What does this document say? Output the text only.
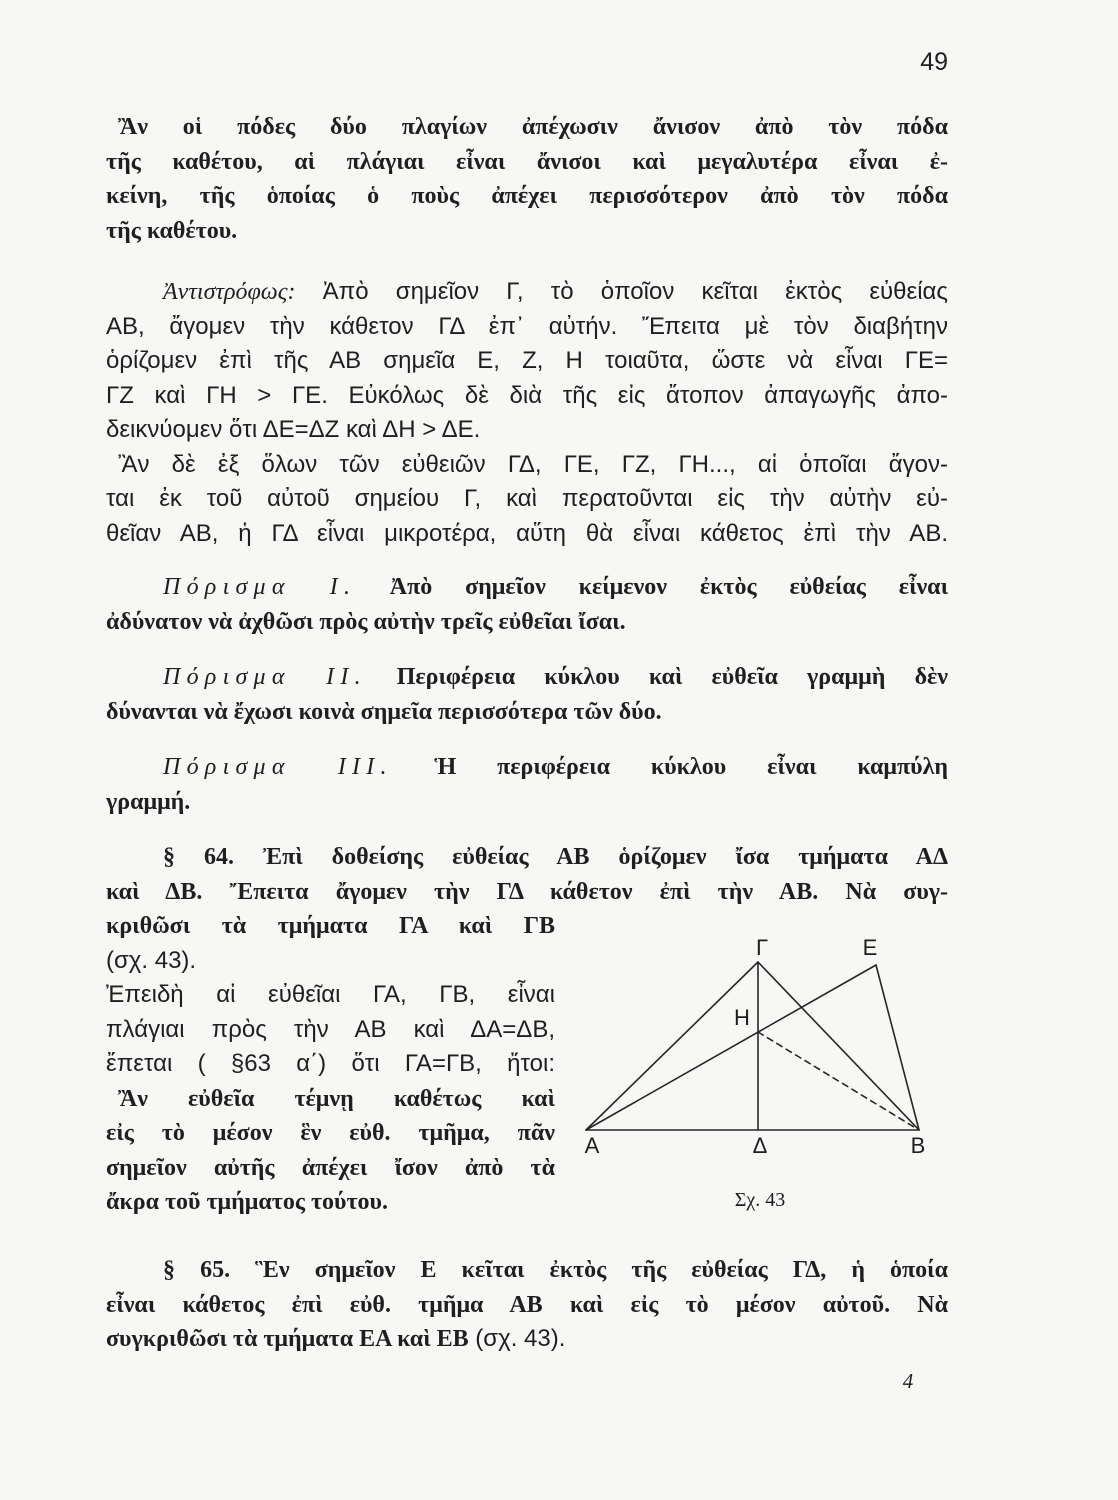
49
Ἂν οἱ πόδες δύο πλαγίων ἀπέχωσιν ἄνισον ἀπὸ τὸν πόδα
τῆς καθέτου, αἱ πλάγιαι εἶναι ἄνισοι καὶ μεγαλυτέρα εἶναι ἐ-
κείνη, τῆς ὁποίας ὁ ποὺς ἀπέχει περισσότερον ἀπὸ τὸν πόδα
τῆς καθέτου.
Ἀντιστρόφως: Ἀπὸ σημεῖον Γ, τὸ ὁποῖον κεῖται ἐκτὸς εὐθείας
ΑΒ, ἄγομεν τὴν κάθετον ΓΔ ἐπ᾽ αὐτήν. Ἔπειτα μὲ τὸν διαβήτην
ὁρίζομεν ἐπὶ τῆς ΑΒ σημεῖα Ε, Ζ, Η τοιαῦτα, ὥστε νὰ εἶναι ΓΕ=
ΓΖ καὶ ΓΗ > ΓΕ. Εὐκόλως δὲ διὰ τῆς εἰς ἄτοπον ἀπαγωγῆς ἀπο-
δεικνύομεν ὅτι ΔΕ=ΔΖ καὶ ΔΗ > ΔΕ.
Ἂν δὲ ἐξ ὅλων τῶν εὐθειῶν ΓΔ, ΓΕ, ΓΖ, ΓΗ..., αἱ ὁποῖαι ἄγον-
ται ἐκ τοῦ αὐτοῦ σημείου Γ, καὶ περατοῦνται εἰς τὴν αὐτὴν εὐ-
θεῖαν ΑΒ, ἡ ΓΔ εἶναι μικροτέρα, αὕτη θὰ εἶναι κάθετος ἐπὶ τὴν ΑΒ.
Πόρισμα I. Ἀπὸ σημεῖον κείμενον ἐκτὸς εὐθείας εἶναι
ἀδύνατον νὰ ἀχθῶσι πρὸς αὐτὴν τρεῖς εὐθεῖαι ἴσαι.
Πόρισμα II. Περιφέρεια κύκλου καὶ εὐθεῖα γραμμὴ δὲν
δύνανται νὰ ἔχωσι κοινὰ σημεῖα περισσότερα τῶν δύο.
Πόρισμα III. Ἡ περιφέρεια κύκλου εἶναι καμπύλη
γραμμή.
§ 64. Ἐπὶ δοθείσης εὐθείας ΑΒ ὁρίζομεν ἴσα τμήματα ΑΔ
καὶ ΔΒ. Ἔπειτα ἄγομεν τὴν ΓΔ κάθετον ἐπὶ τὴν ΑΒ. Νὰ συγ-
κριθῶσι τὰ τμήματα ΓΑ καὶ ΓΒ
(σχ. 43).
Ἐπειδὴ αἱ εὐθεῖαι ΓΑ, ΓΒ, εἶναι
πλάγιαι πρὸς τὴν ΑΒ καὶ ΔΑ=ΔΒ,
ἔπεται ( §63 α΄) ὅτι ΓΑ=ΓΒ, ἤτοι:
Ἂν εὐθεῖα τέμνῃ καθέτως καὶ
εἰς τὸ μέσον ἓν εὐθ. τμῆμα, πᾶν
σημεῖον αὐτῆς ἀπέχει ἴσον ἀπὸ τὰ
ἄκρα τοῦ τμήματος τούτου.
Γ	Ε
Η
Α	Δ	Β
Σχ. 43
§ 65. Ἓν σημεῖον Ε κεῖται ἐκτὸς τῆς εὐθείας ΓΔ, ἡ ὁποία
εἶναι κάθετος ἐπὶ εὐθ. τμῆμα ΑΒ καὶ εἰς τὸ μέσον αὐτοῦ. Νὰ
συγκριθῶσι τὰ τμήματα ΕΑ καὶ ΕΒ (σχ. 43).
4
